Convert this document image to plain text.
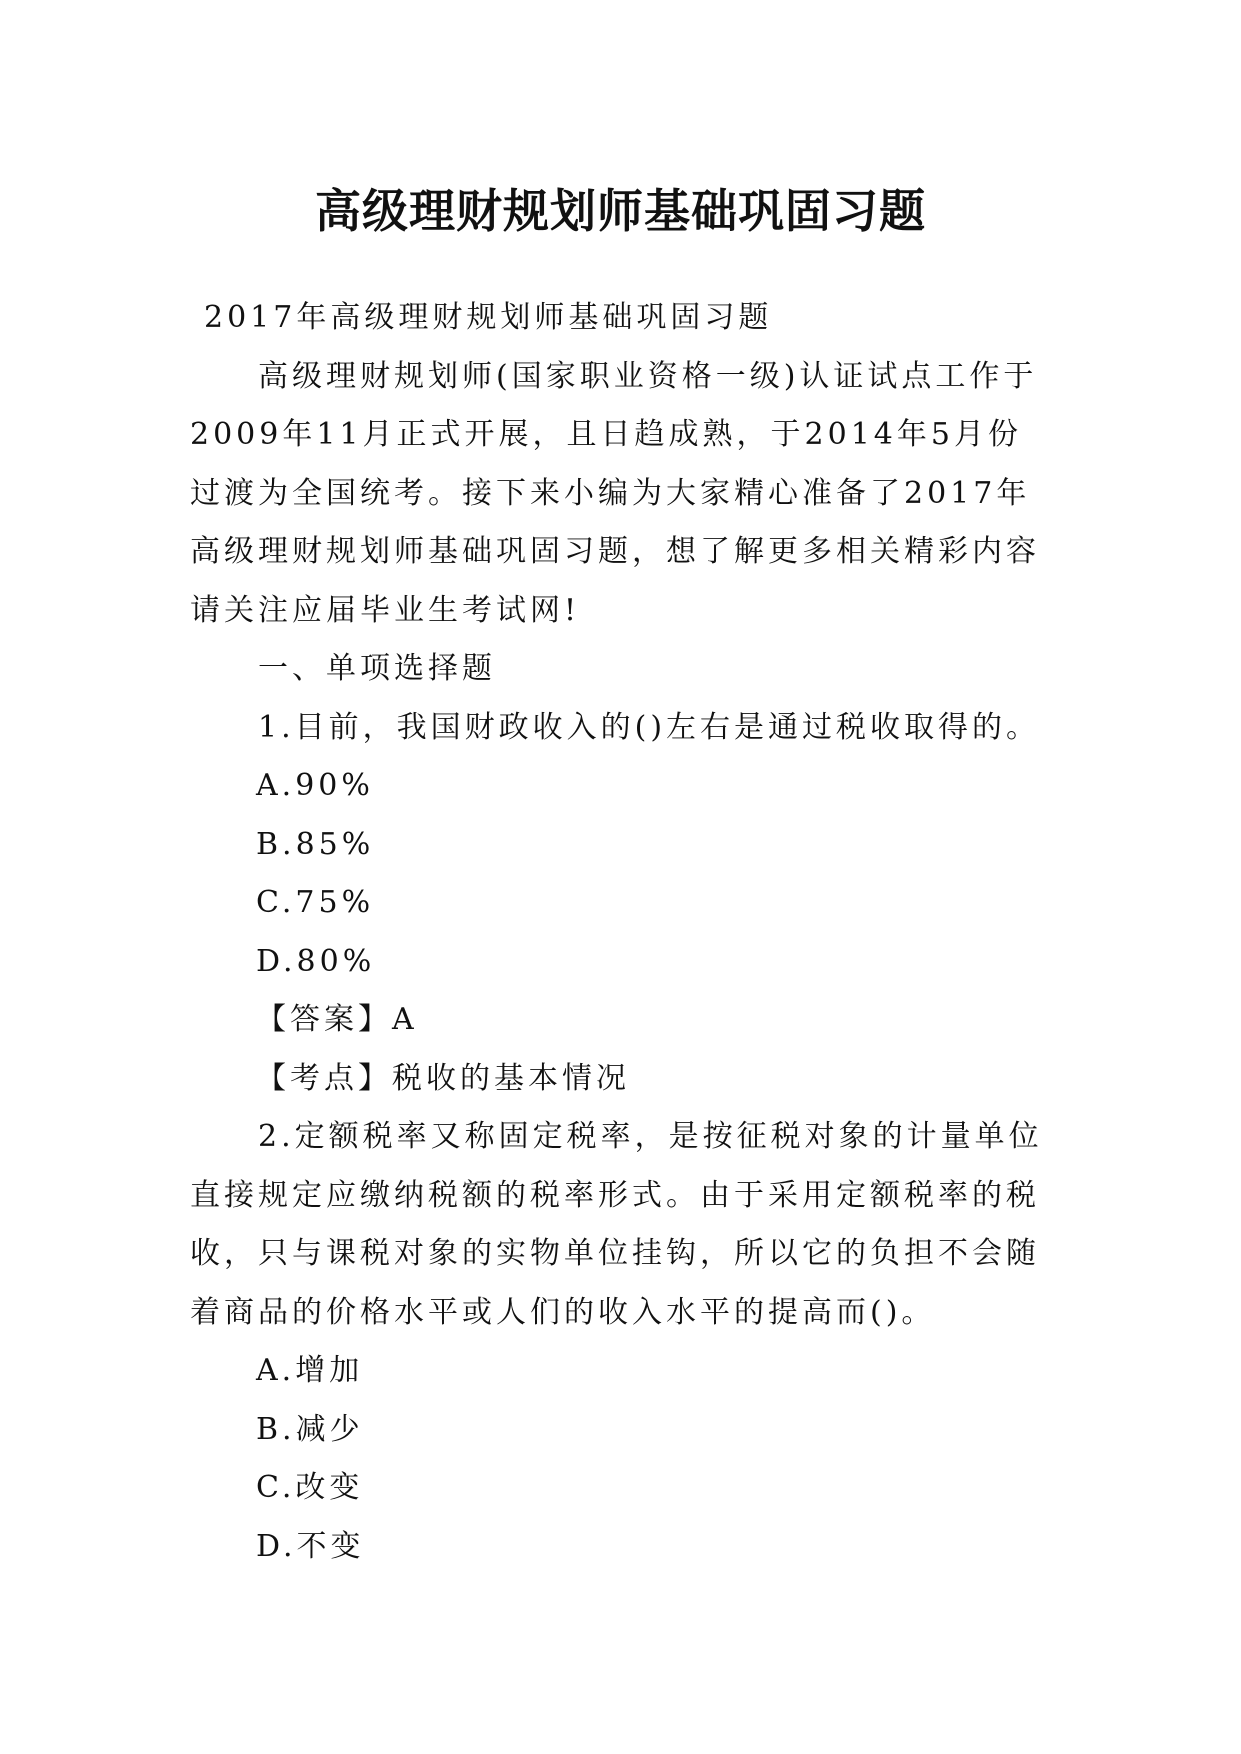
高级理财规划师基础巩固习题

2017年高级理财规划师基础巩固习题

高级理财规划师(国家职业资格一级)认证试点工作于2009年11月正式开展，且日趋成熟，于2014年5月份过渡为全国统考。接下来小编为大家精心准备了2017年高级理财规划师基础巩固习题，想了解更多相关精彩内容请关注应届毕业生考试网!

一、单项选择题

1.目前，我国财政收入的()左右是通过税收取得的。

A.90%

B.85%

C.75%

D.80%

【答案】A

【考点】税收的基本情况

2.定额税率又称固定税率，是按征税对象的计量单位直接规定应缴纳税额的税率形式。由于采用定额税率的税收，只与课税对象的实物单位挂钩，所以它的负担不会随着商品的价格水平或人们的收入水平的提高而()。

A.增加

B.减少

C.改变

D.不变
